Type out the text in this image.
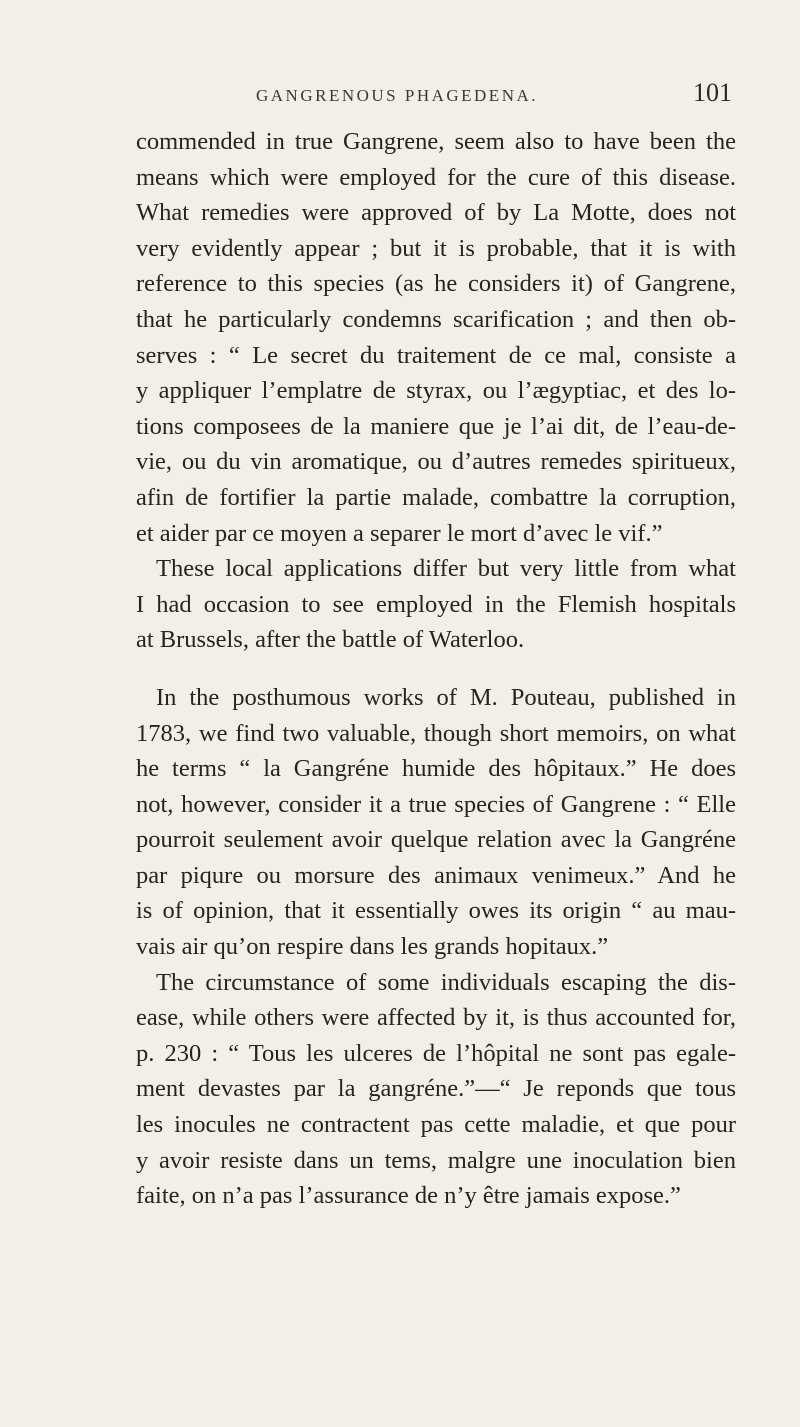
GANGRENOUS PHAGEDENA.	101
commended in true Gangrene, seem also to have been the
means which were employed for the cure of this disease.
What remedies were approved of by La Motte, does not
very evidently appear ; but it is probable, that it is with
reference to this species (as he considers it) of Gangrene,
that he particularly condemns scarification ; and then ob-
serves : “ Le secret du traitement de ce mal, consiste a
y appliquer l’emplatre de styrax, ou l’ægyptiac, et des lo-
tions composees de la maniere que je l’ai dit, de l’eau-de-
vie, ou du vin aromatique, ou d’autres remedes spiritueux,
afin de fortifier la partie malade, combattre la corruption,
et aider par ce moyen a separer le mort d’avec le vif.”
These local applications differ but very little from what
I had occasion to see employed in the Flemish hospitals
at Brussels, after the battle of Waterloo.
In the posthumous works of M. Pouteau, published in
1783, we find two valuable, though short memoirs, on what
he terms “ la Gangréne humide des hôpitaux.” He does
not, however, consider it a true species of Gangrene : “ Elle
pourroit seulement avoir quelque relation avec la Gangréne
par piqure ou morsure des animaux venimeux.” And he
is of opinion, that it essentially owes its origin “ au mau-
vais air qu’on respire dans les grands hopitaux.”
The circumstance of some individuals escaping the dis-
ease, while others were affected by it, is thus accounted for,
p. 230 : “ Tous les ulceres de l’hôpital ne sont pas egale-
ment devastes par la gangréne.”—“ Je reponds que tous
les inocules ne contractent pas cette maladie, et que pour
y avoir resiste dans un tems, malgre une inoculation bien
faite, on n’a pas l’assurance de n’y être jamais expose.”
